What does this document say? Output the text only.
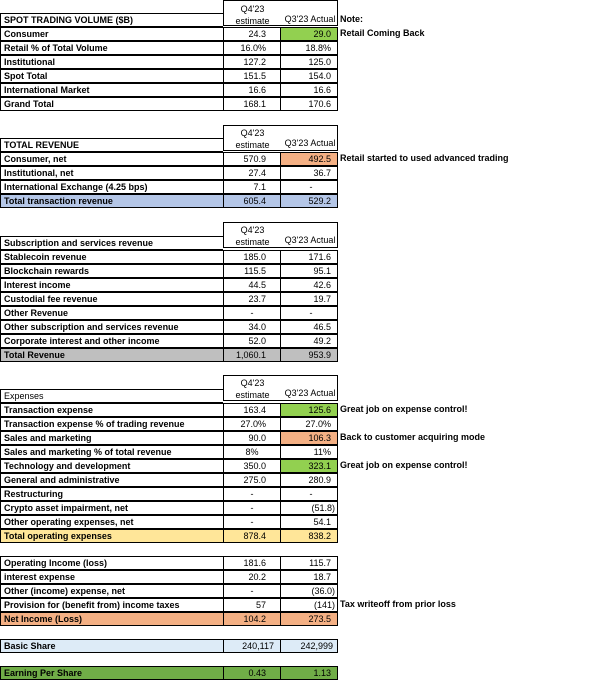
Q4'23
estimate	Q3'23 Actual
SPOT TRADING VOLUME ($B)	Note:
Consumer	24.3	29.0	Retail Coming Back
Retail % of Total Volume	16.0%	18.8%
Institutional	127.2	125.0
Spot Total	151.5	154.0
International Market	16.6	16.6
Grand Total	168.1	170.6
Q4'23
estimate	Q3'23 Actual
TOTAL REVENUE
Consumer, net	570.9	492.5	Retail started to used advanced trading
Institutional, net	27.4	36.7
International Exchange (4.25 bps)	7.1	-
Total transaction revenue	605.4	529.2
Q4'23
estimate	Q3'23 Actual
Subscription and services revenue
Stablecoin revenue	185.0	171.6
Blockchain rewards	115.5	95.1
Interest income	44.5	42.6
Custodial fee revenue	23.7	19.7
Other Revenue	-	-
Other subscription and services revenue	34.0	46.5
Corporate interest and other income	52.0	49.2
Total Revenue	1,060.1	953.9
Q4'23
estimate	Q3'23 Actual
Expenses
Transaction expense	163.4	125.6	Great job on expense control!
Transaction expense % of trading revenue	27.0%	27.0%
Sales and marketing	90.0	106.3	Back to customer acquiring mode
Sales and marketing % of total revenue	8%	11%
Technology and development	350.0	323.1	Great job on expense control!
General and administrative	275.0	280.9
Restructuring	-	-
Crypto asset impairment, net	-	(51.8)
Other operating expenses, net	-	54.1
Total operating expenses	878.4	838.2
Operating Income (loss)	181.6	115.7
interest expense	20.2	18.7
Other (income) expense, net	-	(36.0)
Provision for (benefit from) income taxes	57	(141) Tax writeoff from prior loss
Net Income (Loss)	104.2	273.5
Basic Share	240,117	242,999
Earning Per Share	0.43	1.13
